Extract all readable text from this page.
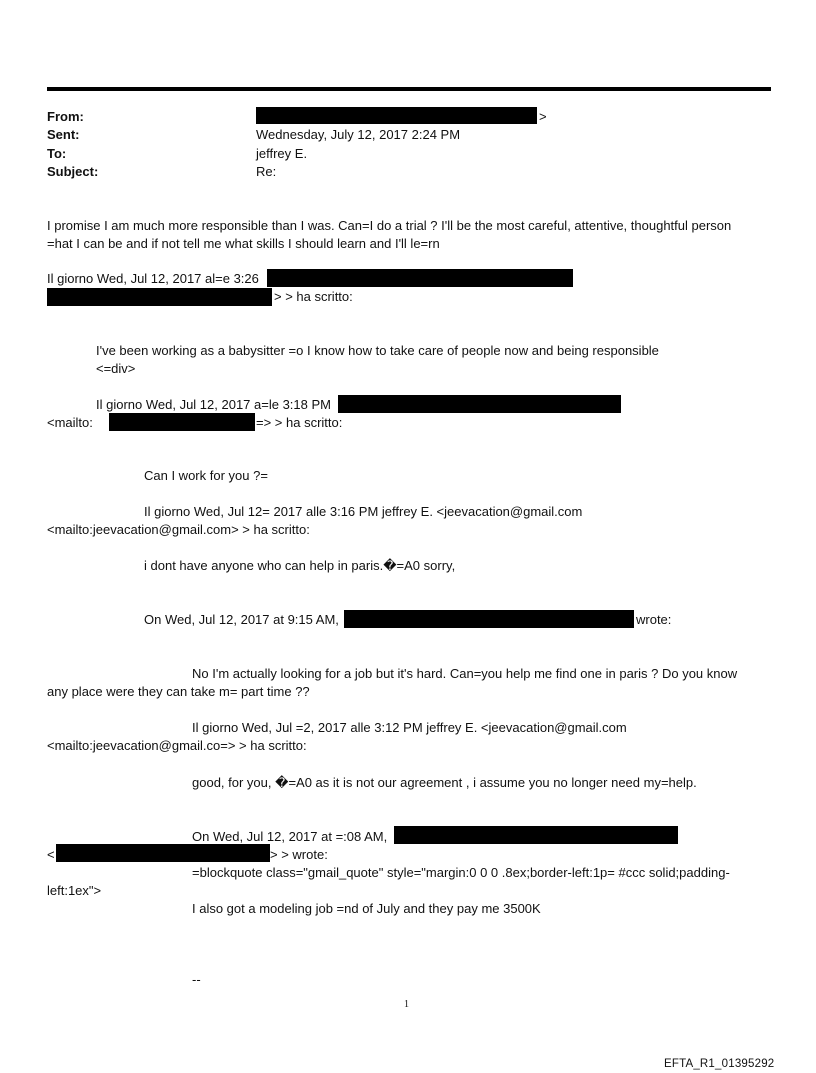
From:	>
Sent:	Wednesday, July 12, 2017 2:24 PM
To:	jeffrey E.
Subject:	Re:
I promise I am much more responsible than I was. Can=I do a trial ? I'll be the most careful, attentive, thoughtful person
=hat I can be and if not tell me what skills I should learn and I'll le=rn
Il giorno Wed, Jul 12, 2017 al=e 3:26
> > ha scritto:
I've been working as a babysitter =o I know how to take care of people now and being responsible
<=div>
Il giorno Wed, Jul 12, 2017 a=le 3:18 PM
<mailto:	=> > ha scritto:
Can I work for you ?=
Il giorno Wed, Jul 12= 2017 alle 3:16 PM jeffrey E. <jeevacation@gmail.com
<mailto:jeevacation@gmail.com> > ha scritto:
i dont have anyone who can help in paris.�=A0 sorry,
On Wed, Jul 12, 2017 at 9:15 AM,	wrote:
No I'm actually looking for a job but it's hard. Can=you help me find one in paris ? Do you know
any place were they can take m= part time ??
Il giorno Wed, Jul =2, 2017 alle 3:12 PM jeffrey E. <jeevacation@gmail.com
<mailto:jeevacation@gmail.co=> > ha scritto:
good, for you, �=A0 as it is not our agreement , i assume you no longer need my=help.
On Wed, Jul 12, 2017 at =:08 AM,
<	> > wrote:
=blockquote class="gmail_quote" style="margin:0 0 0 .8ex;border-left:1p= #ccc solid;padding-
left:1ex">
I also got a modeling job =nd of July and they pay me 3500K
--
1
EFTA_R1_01395292
